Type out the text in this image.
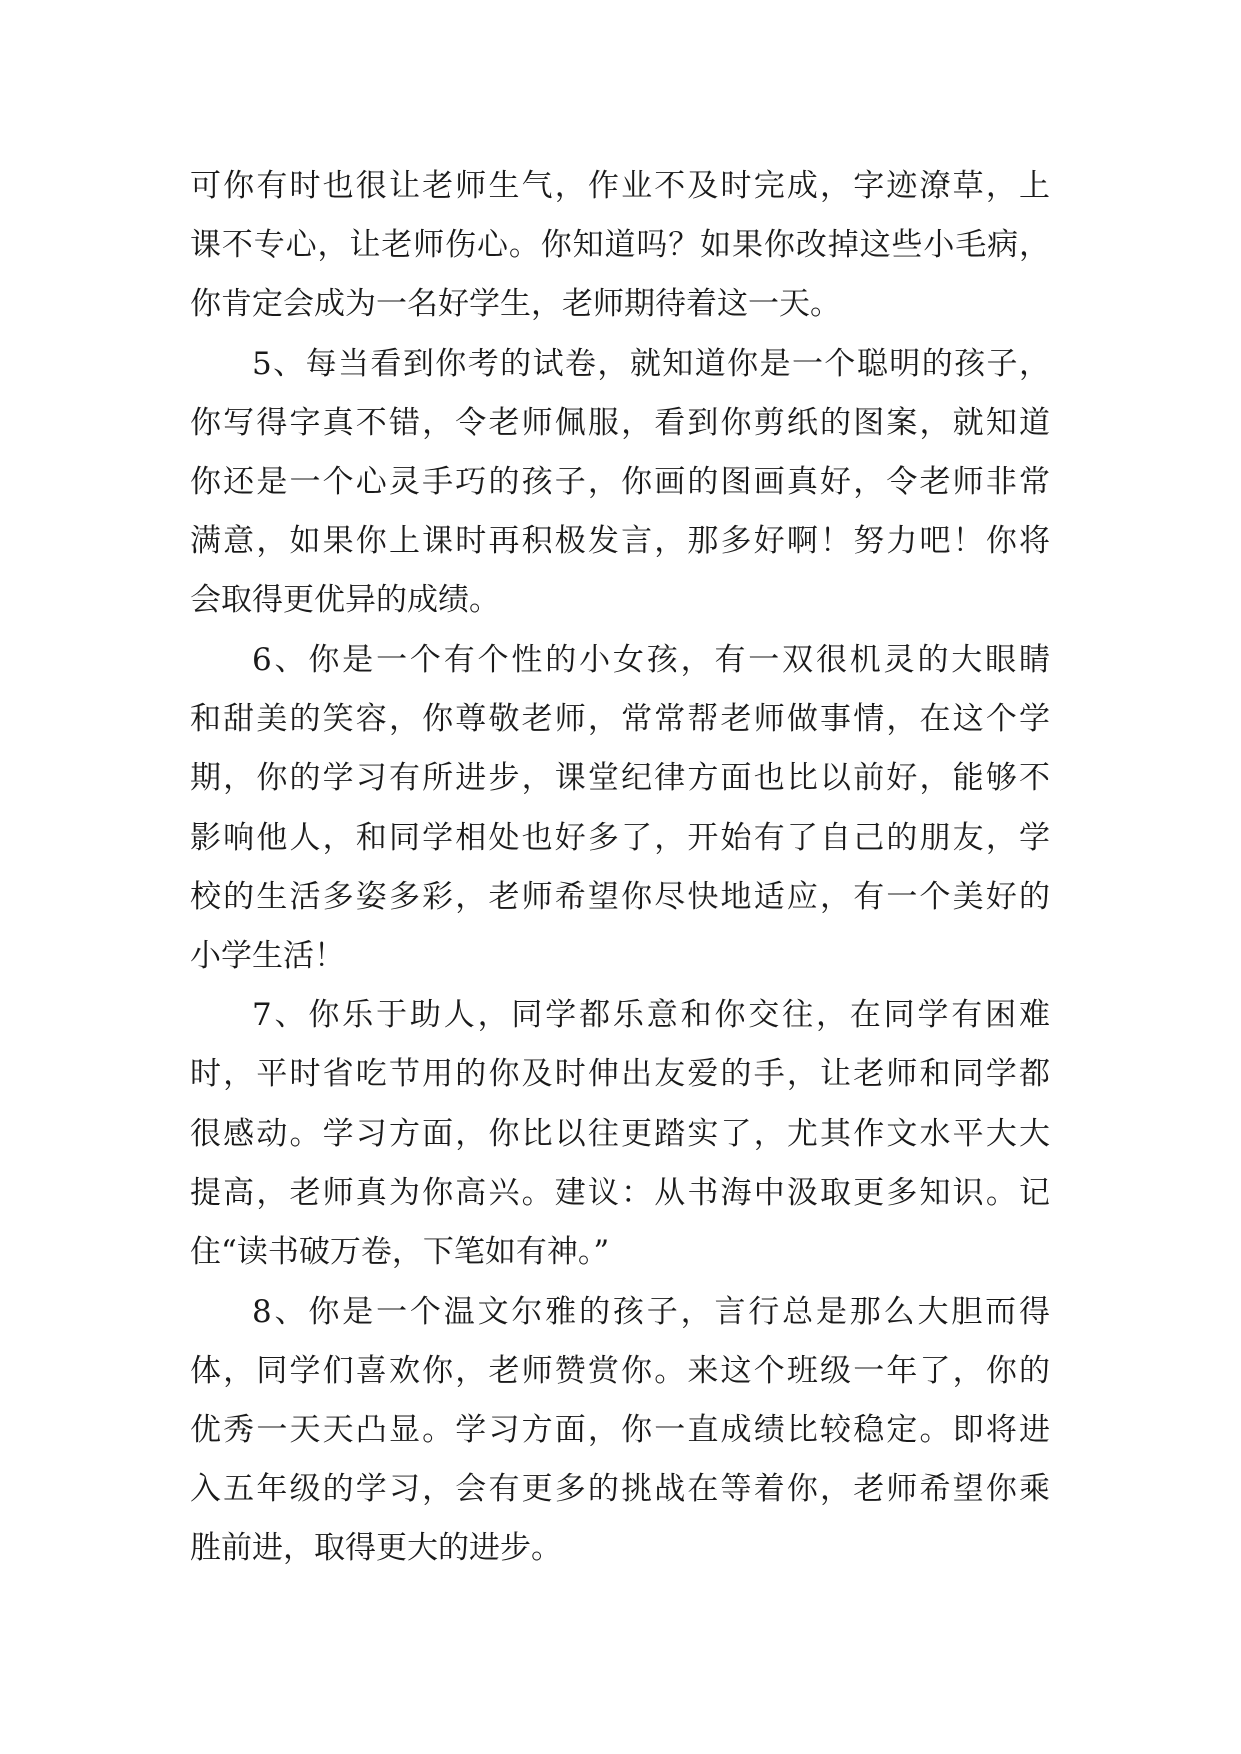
可你有时也很让老师生气，作业不及时完成，字迹潦草，上
课不专心，让老师伤心。你知道吗？如果你改掉这些小毛病，
你肯定会成为一名好学生，老师期待着这一天。
5、每当看到你考的试卷，就知道你是一个聪明的孩子，
你写得字真不错，令老师佩服，看到你剪纸的图案，就知道
你还是一个心灵手巧的孩子，你画的图画真好，令老师非常
满意，如果你上课时再积极发言，那多好啊！努力吧！你将
会取得更优异的成绩。
6、你是一个有个性的小女孩，有一双很机灵的大眼睛
和甜美的笑容，你尊敬老师，常常帮老师做事情，在这个学
期，你的学习有所进步，课堂纪律方面也比以前好，能够不
影响他人，和同学相处也好多了，开始有了自己的朋友，学
校的生活多姿多彩，老师希望你尽快地适应，有一个美好的
小学生活！
7、你乐于助人，同学都乐意和你交往，在同学有困难
时，平时省吃节用的你及时伸出友爱的手，让老师和同学都
很感动。学习方面，你比以往更踏实了，尤其作文水平大大
提高，老师真为你高兴。建议：从书海中汲取更多知识。记
住“读书破万卷，下笔如有神。”
8、你是一个温文尔雅的孩子，言行总是那么大胆而得
体，同学们喜欢你，老师赞赏你。来这个班级一年了，你的
优秀一天天凸显。学习方面，你一直成绩比较稳定。即将进
入五年级的学习，会有更多的挑战在等着你，老师希望你乘
胜前进，取得更大的进步。
